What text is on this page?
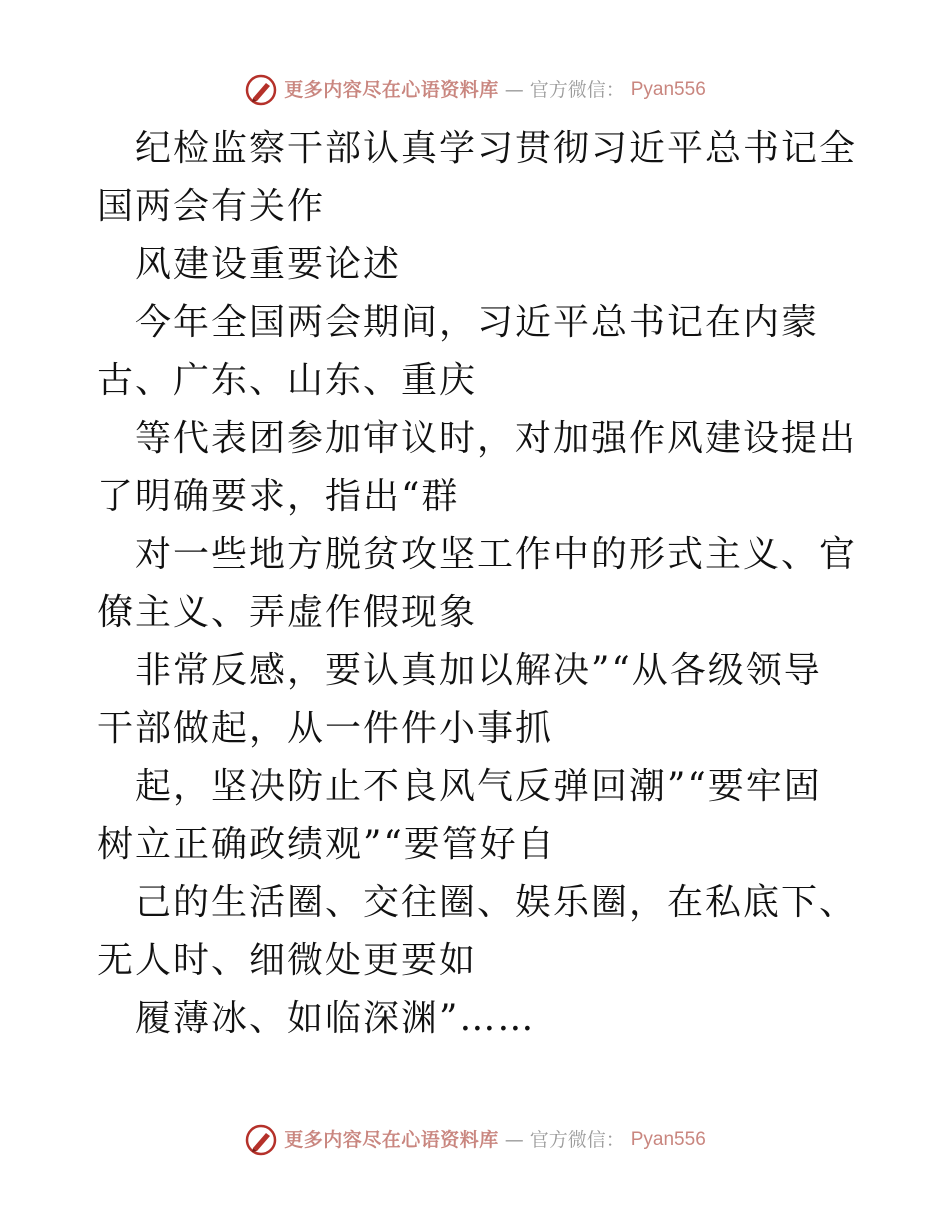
更多内容尽在心语资料库 — 官方微信： Pyan556

纪检监察干部认真学习贯彻习近平总书记全国两会有关作

风建设重要论述

今年全国两会期间，习近平总书记在内蒙古、广东、山东、重庆

等代表团参加审议时，对加强作风建设提出了明确要求，指出“群

对一些地方脱贫攻坚工作中的形式主义、官僚主义、弄虚作假现象

非常反感，要认真加以解决”“从各级领导干部做起，从一件件小事抓

起，坚决防止不良风气反弹回潮”“要牢固树立正确政绩观”“要管好自

己的生活圈、交往圈、娱乐圈，在私底下、无人时、细微处更要如

履薄冰、如临深渊”……

更多内容尽在心语资料库 — 官方微信： Pyan556
